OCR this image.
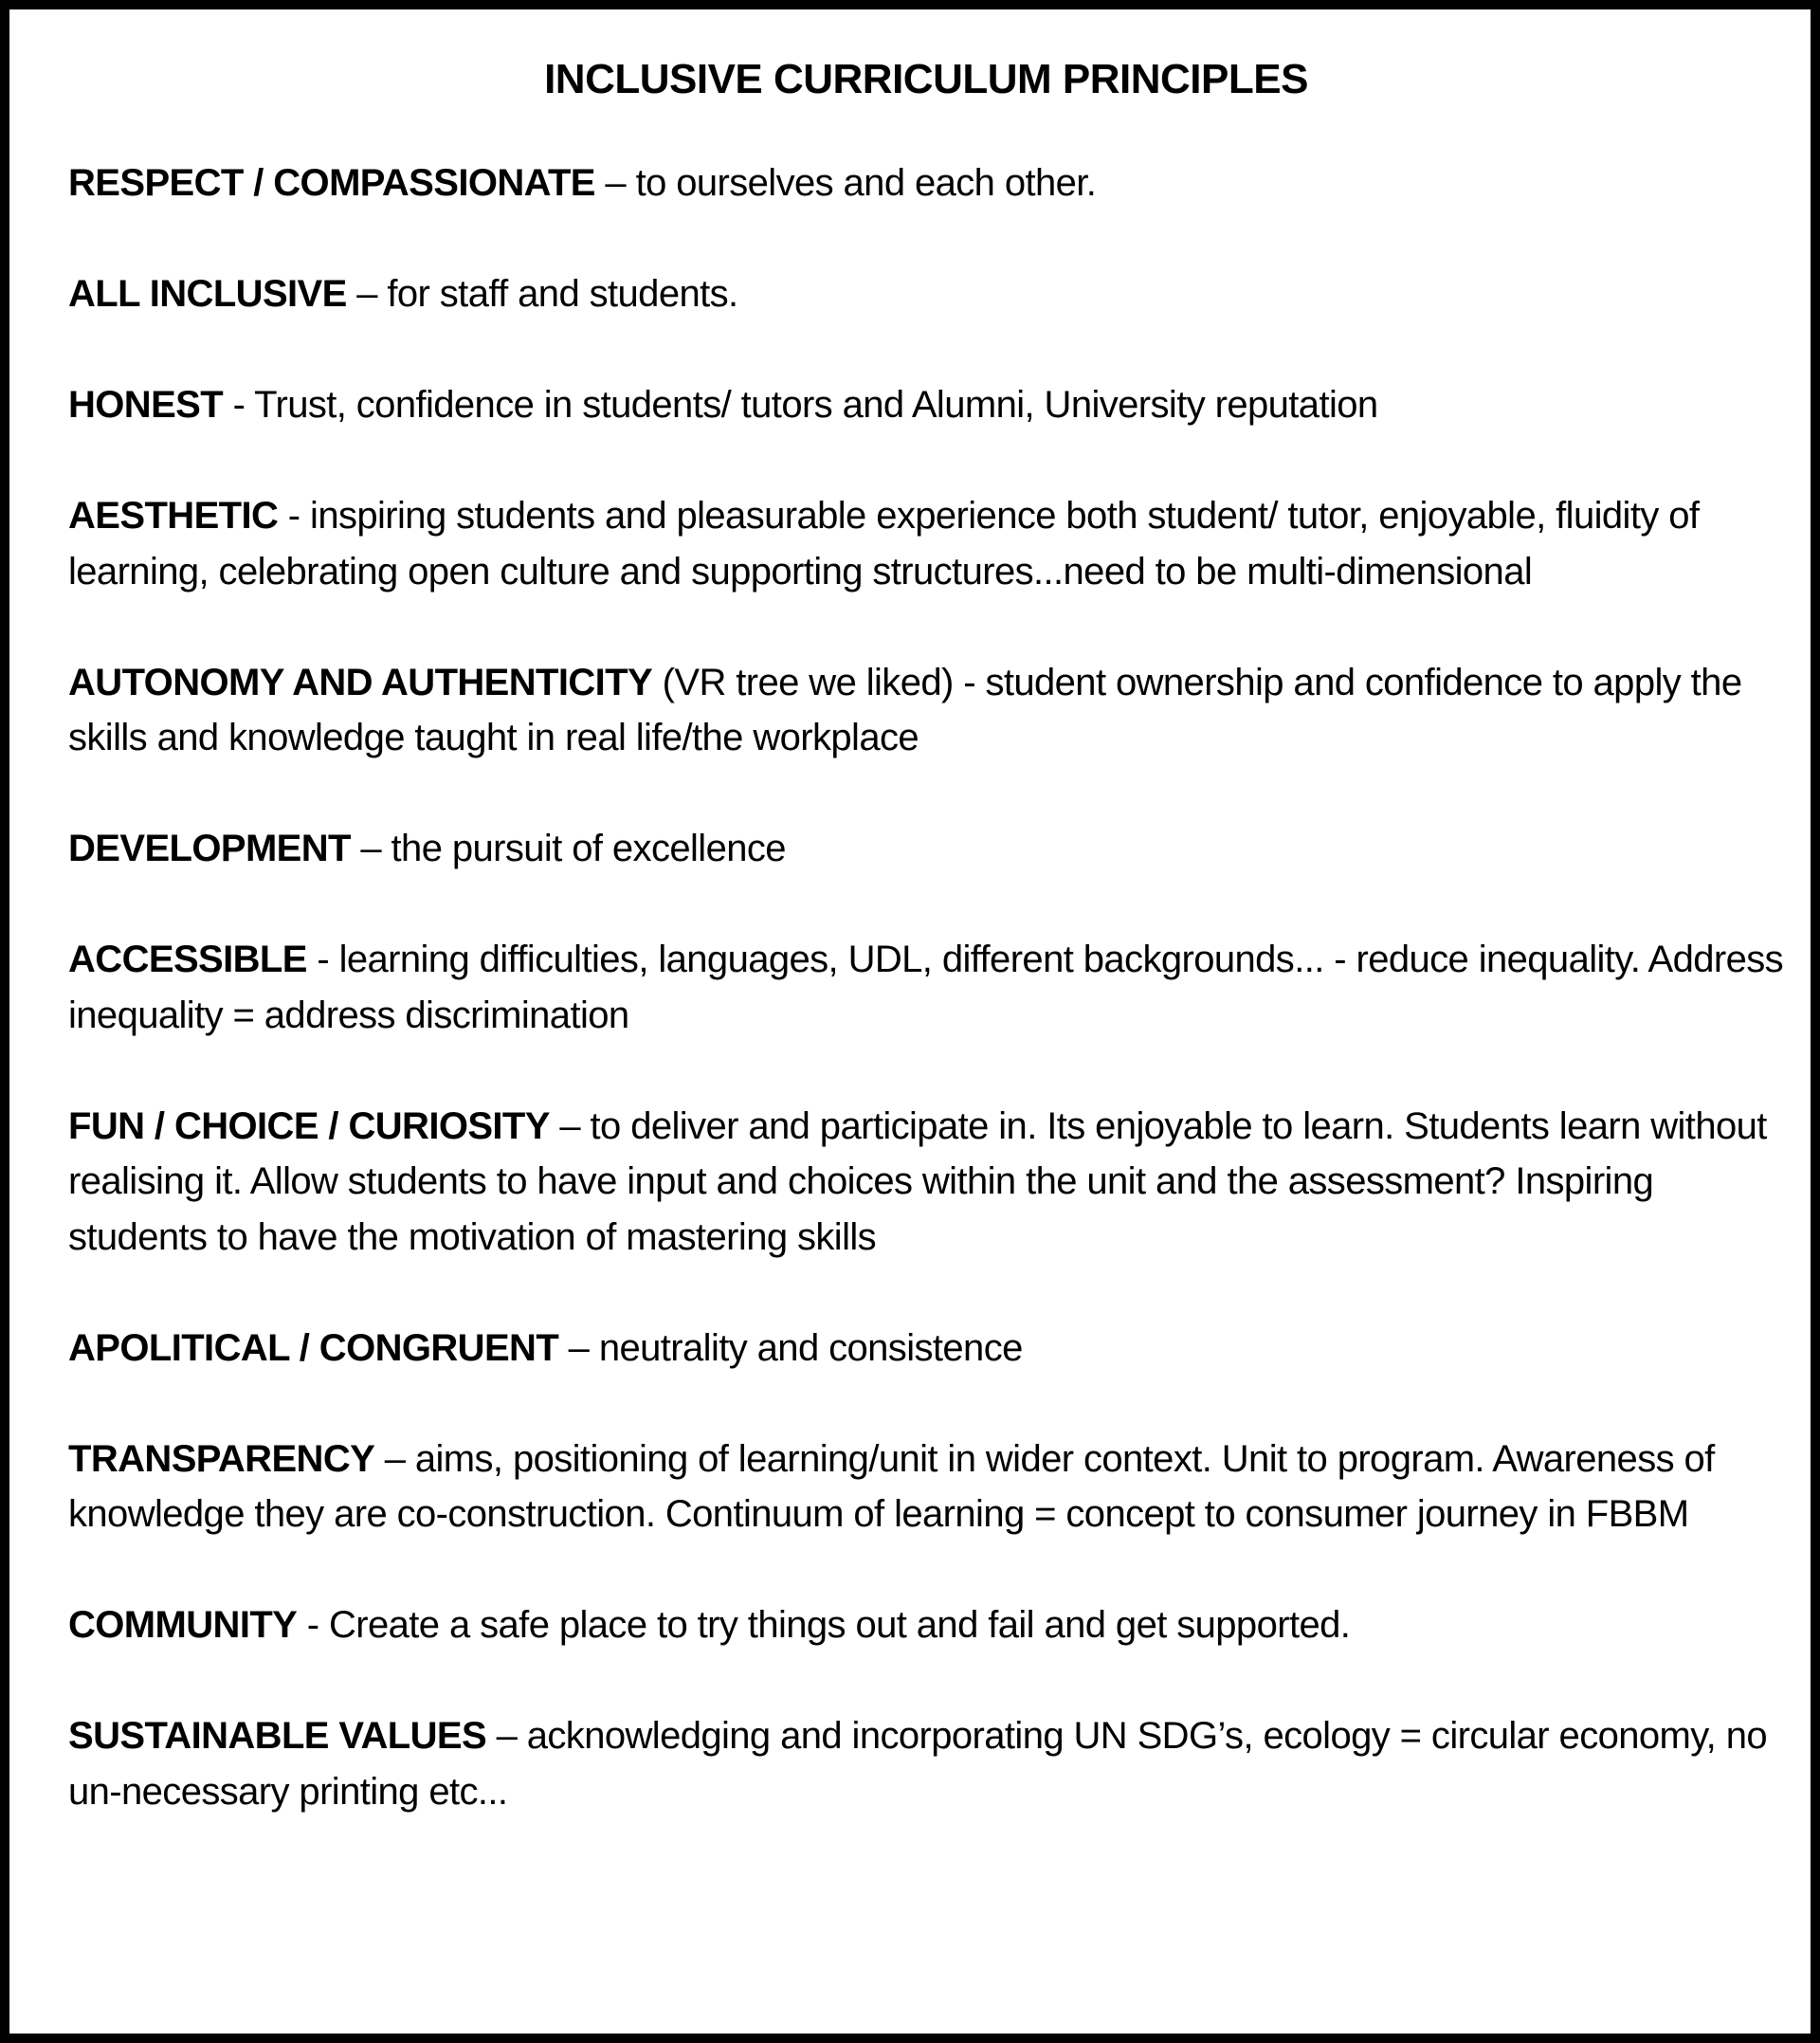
INCLUSIVE CURRICULUM PRINCIPLES
RESPECT / COMPASSIONATE – to ourselves and each other.
ALL INCLUSIVE – for staff and students.
HONEST - Trust, confidence in students/ tutors and Alumni, University reputation
AESTHETIC - inspiring students and pleasurable experience both student/ tutor, enjoyable, fluidity of learning, celebrating open culture and supporting structures...need to be multi-dimensional
AUTONOMY AND AUTHENTICITY (VR tree we liked) - student ownership and confidence to apply the skills and knowledge taught in real life/the workplace
DEVELOPMENT – the pursuit of excellence
ACCESSIBLE - learning difficulties, languages, UDL, different backgrounds... - reduce inequality. Address inequality = address discrimination
FUN / CHOICE / CURIOSITY – to deliver and participate in. Its enjoyable to learn. Students learn without realising it. Allow students to have input and choices within the unit and the assessment? Inspiring students to have the motivation of mastering skills
APOLITICAL / CONGRUENT – neutrality and consistence
TRANSPARENCY – aims, positioning of learning/unit in wider context. Unit to program. Awareness of knowledge they are co-construction. Continuum of learning = concept to consumer journey in FBBM
COMMUNITY - Create a safe place to try things out and fail and get supported.
SUSTAINABLE VALUES – acknowledging and incorporating UN SDG’s, ecology = circular economy, no un-necessary printing etc...
